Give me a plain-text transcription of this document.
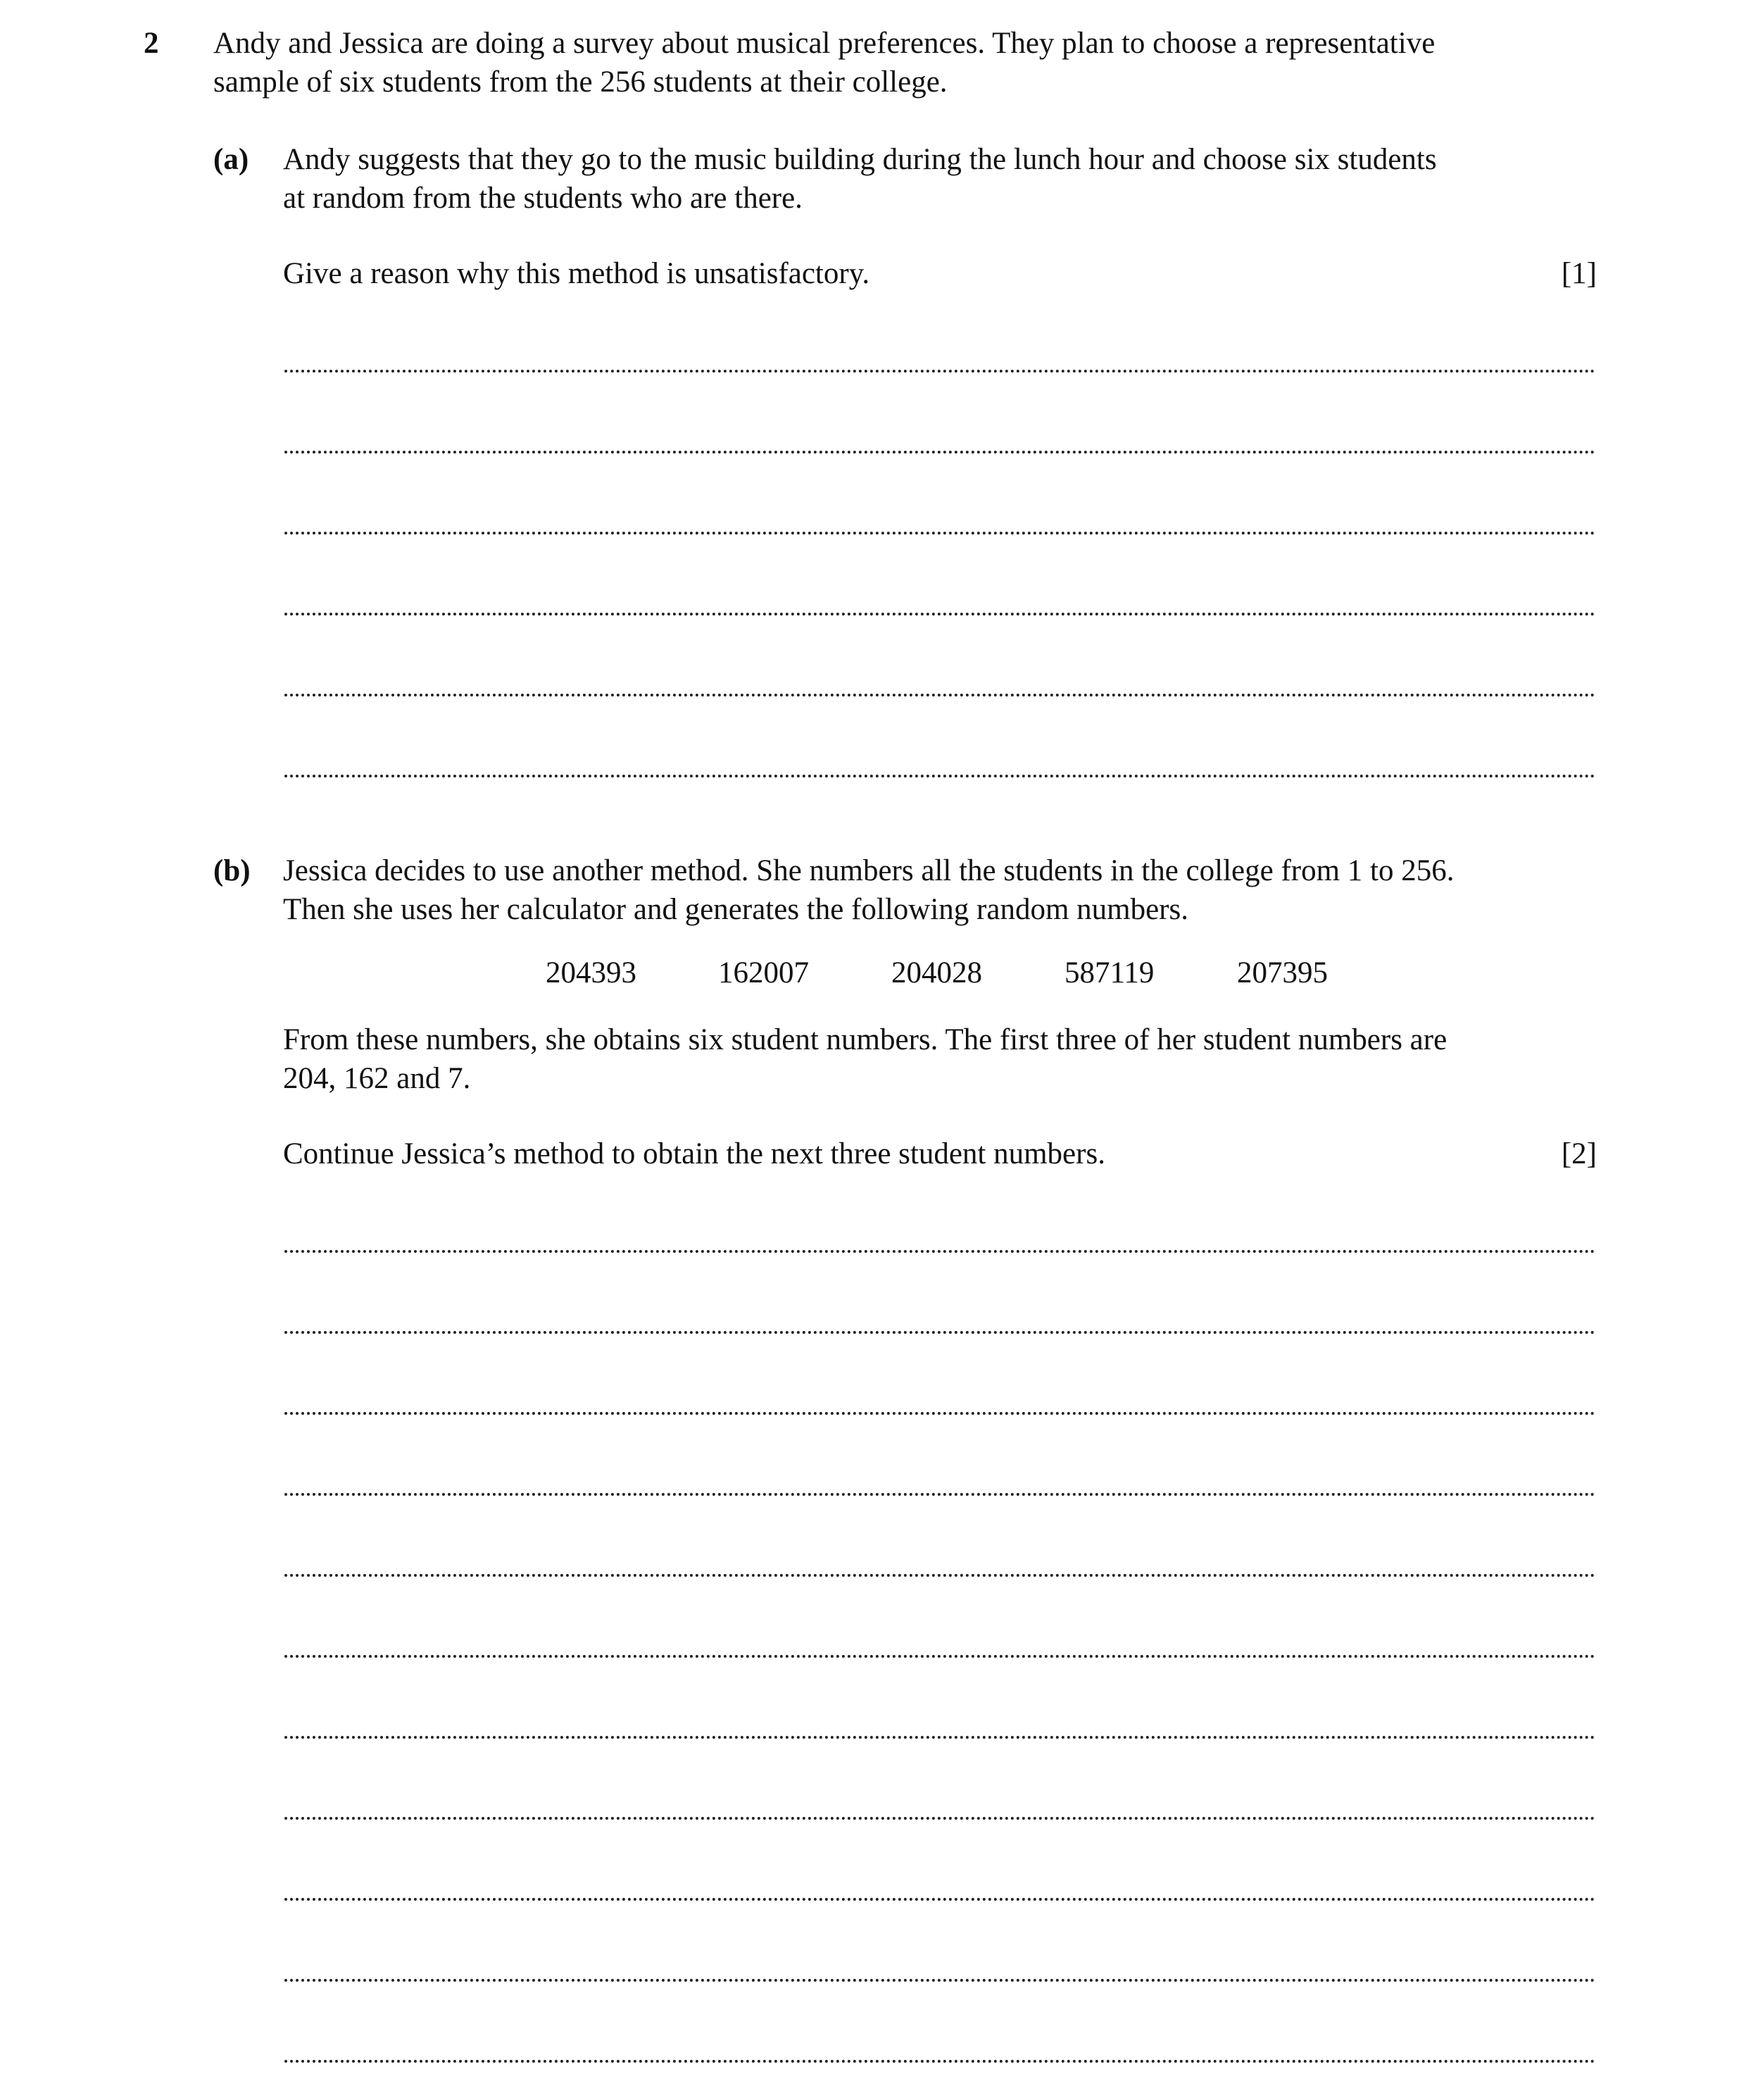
2 Andy and Jessica are doing a survey about musical preferences. They plan to choose a representative
sample of six students from the 256 students at their college.
(a) Andy suggests that they go to the music building during the lunch hour and choose six students
at random from the students who are there.
Give a reason why this method is unsatisfactory.	[1]
(b) Jessica decides to use another method. She numbers all the students in the college from 1 to 256.
Then she uses her calculator and generates the following random numbers.
204393	162007	204028	587119	207395
From these numbers, she obtains six student numbers. The first three of her student numbers are
204, 162 and 7.
Continue Jessica’s method to obtain the next three student numbers.	[2]
